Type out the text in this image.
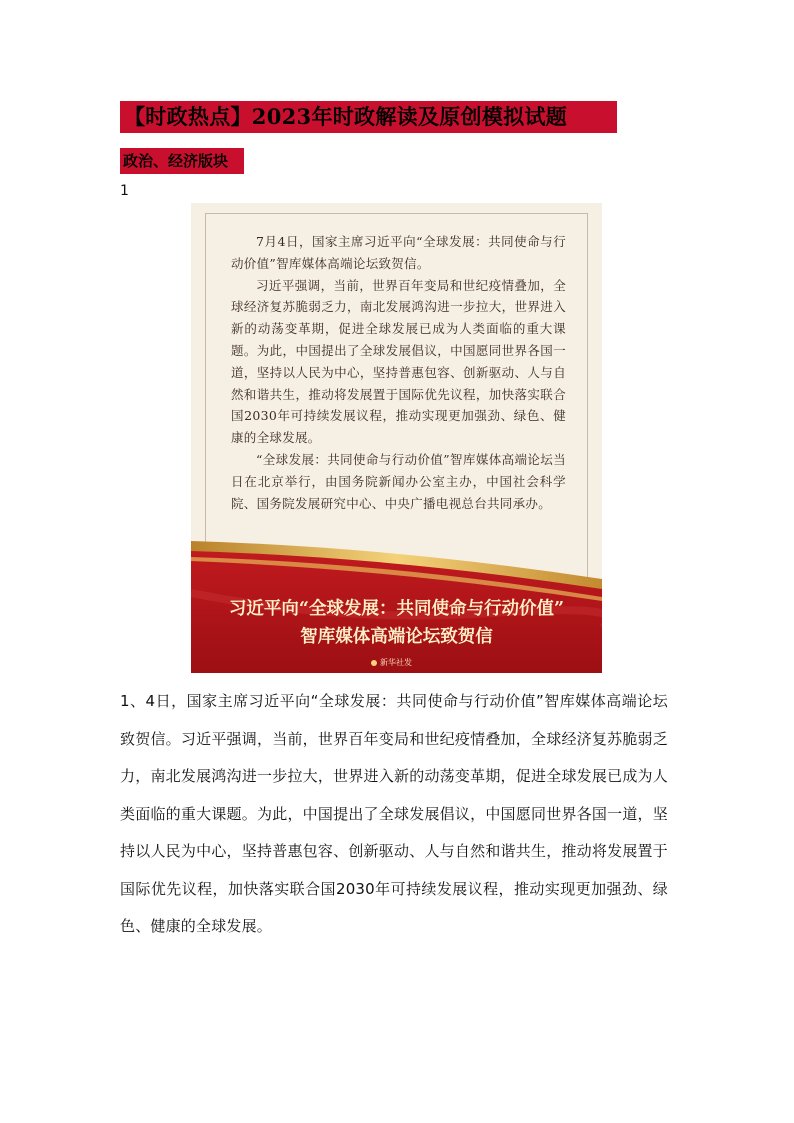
【时政热点】2023年时政解读及原创模拟试题
政治、经济版块
1

7月4日，国家主席习近平向“全球发展：共同使命与行动价值”智库媒体高端论坛致贺信。

习近平强调，当前，世界百年变局和世纪疫情叠加，全球经济复苏脆弱乏力，南北发展鸿沟进一步拉大，世界进入新的动荡变革期，促进全球发展已成为人类面临的重大课题。为此，中国提出了全球发展倡议，中国愿同世界各国一道，坚持以人民为中心，坚持普惠包容、创新驱动、人与自然和谐共生，推动将发展置于国际优先议程，加快落实联合国2030年可持续发展议程，推动实现更加强劲、绿色、健康的全球发展。

“全球发展：共同使命与行动价值”智库媒体高端论坛当日在北京举行，由国务院新闻办公室主办，中国社会科学院、国务院发展研究中心、中央广播电视总台共同承办。

习近平向“全球发展：共同使命与行动价值”
智库媒体高端论坛致贺信
新华社发

1、4日，国家主席习近平向“全球发展：共同使命与行动价值”智库媒体高端论坛致贺信。习近平强调，当前，世界百年变局和世纪疫情叠加，全球经济复苏脆弱乏力，南北发展鸿沟进一步拉大，世界进入新的动荡变革期，促进全球发展已成为人类面临的重大课题。为此，中国提出了全球发展倡议，中国愿同世界各国一道，坚持以人民为中心，坚持普惠包容、创新驱动、人与自然和谐共生，推动将发展置于国际优先议程，加快落实联合国2030年可持续发展议程，推动实现更加强劲、绿色、健康的全球发展。
